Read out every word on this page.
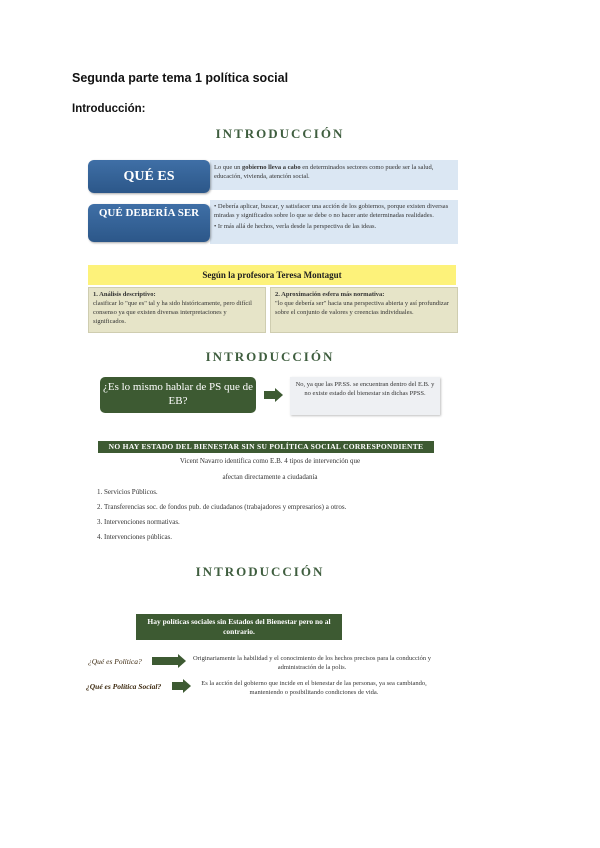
Segunda parte tema 1 política social
Introducción:
INTRODUCCIÓN
Lo que un gobierno lleva a cabo en determinados sectores como puede ser la salud, educación, vivienda, atención social.
QUÉ ES
• Debería aplicar, buscar, y satisfacer una acción de los gobiernos, porque existen diversas miradas y significados sobre lo que se debe o no hacer ante determinadas realidades.
• Ir más allá de hechos, verla desde la perspectiva de las ideas.
QUÉ DEBERÍA SER
Según la profesora Teresa Montagut
1. Análisis descriptivo:
clasificar lo "que es" tal y ha sido históricamente, pero difícil consenso ya que existen diversas interpretaciones y significados.
2. Aproximación esfera más normativa:
"lo que debería ser" hacia una perspectiva abierta y así profundizar sobre el conjunto de valores y creencias individuales.
INTRODUCCIÓN
¿Es lo mismo hablar de PS que de EB?
No, ya que las PP.SS. se encuentran dentro del E.B. y no existe estado del bienestar sin dichas PPSS.
NO HAY ESTADO DEL BIENESTAR SIN SU POLÍTICA SOCIAL CORRESPONDIENTE
Vicent Navarro identifica como E.B. 4 tipos de intervención que
afectan directamente a ciudadanía
1. Servicios Públicos.
2. Transferencias soc. de fondos pub. de ciudadanos (trabajadores y empresarios) a otros.
3. Intervenciones normativas.
4. Intervenciones públicas.
INTRODUCCIÓN
Hay políticas sociales sin Estados del Bienestar pero no al contrario.
¿Qué es Política?	Originariamente la habilidad y el conocimiento de los hechos precisos para la conducción y administración de la polis.
¿Qué es Política Social?	Es la acción del gobierno que incide en el bienestar de las personas, ya sea cambiando, manteniendo o posibilitando condiciones de vida.
